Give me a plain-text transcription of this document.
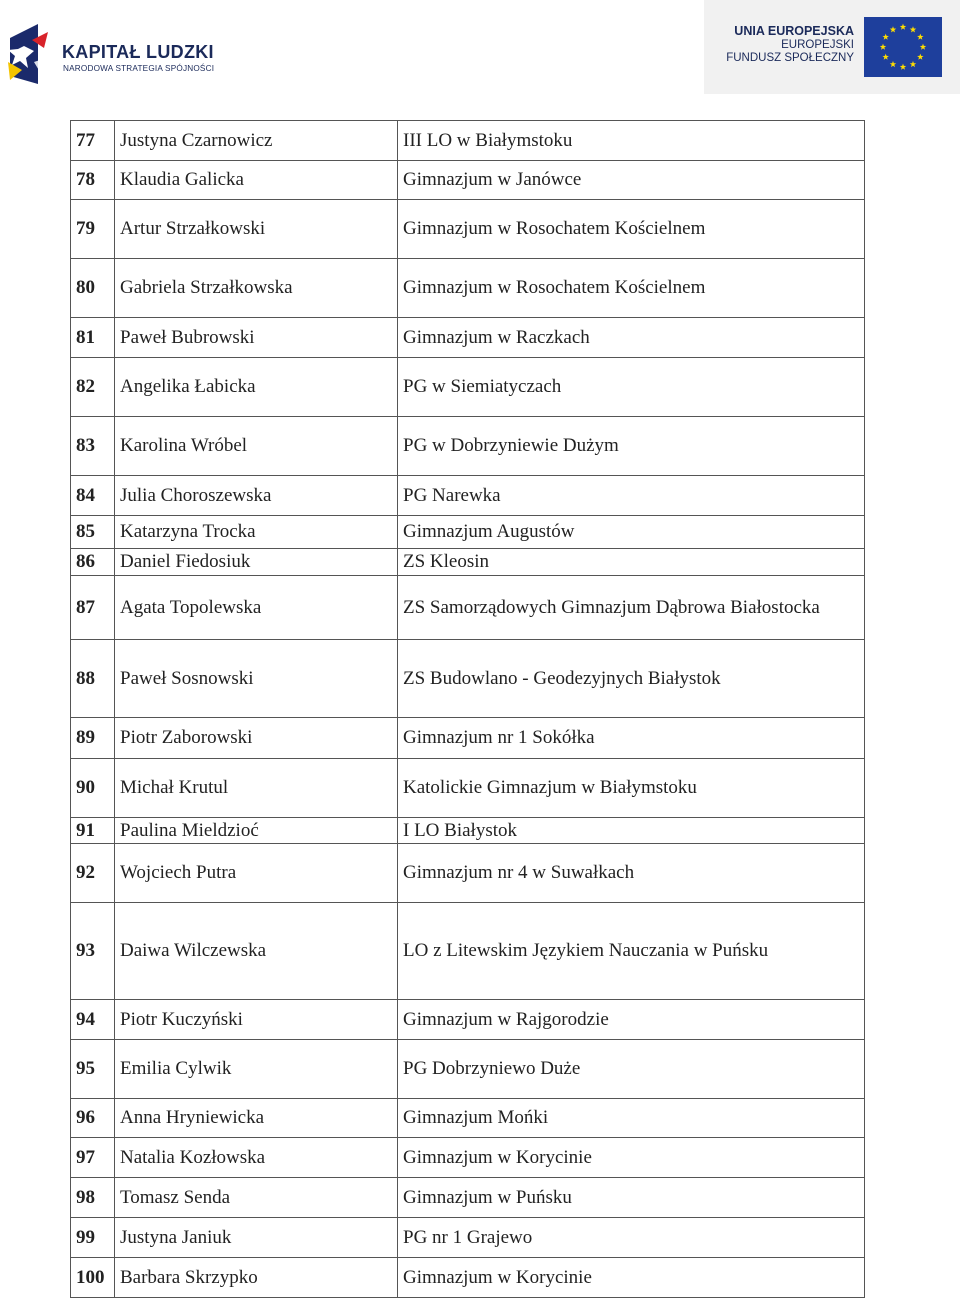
KAPITAŁ LUDZKI
NARODOWA STRATEGIA SPÓJNOŚCI
UNIA EUROPEJSKA
EUROPEJSKI
FUNDUSZ SPOŁECZNY
77	Justyna Czarnowicz	III LO w Białymstoku
78	Klaudia Galicka	Gimnazjum w Janówce
79	Artur Strzałkowski	Gimnazjum w Rosochatem Kościelnem
80	Gabriela Strzałkowska	Gimnazjum w Rosochatem Kościelnem
81	Paweł Bubrowski	Gimnazjum w Raczkach
82	Angelika Łabicka	PG w Siemiatyczach
83	Karolina Wróbel	PG w Dobrzyniewie Dużym
84	Julia Choroszewska	PG Narewka
85	Katarzyna Trocka	Gimnazjum Augustów
86	Daniel Fiedosiuk	ZS Kleosin
87	Agata Topolewska	ZS Samorządowych Gimnazjum Dąbrowa Białostocka
88	Paweł Sosnowski	ZS Budowlano - Geodezyjnych Białystok
89	Piotr Zaborowski	Gimnazjum nr 1 Sokółka
90	Michał Krutul	Katolickie Gimnazjum w Białymstoku
91	Paulina Mieldzioć	I LO Białystok
92	Wojciech Putra	Gimnazjum nr 4 w Suwałkach
93	Daiwa Wilczewska	LO z Litewskim Językiem Nauczania w Puńsku
94	Piotr Kuczyński	Gimnazjum w Rajgorodzie
95	Emilia Cylwik	PG Dobrzyniewo Duże
96	Anna Hryniewicka	Gimnazjum Mońki
97	Natalia Kozłowska	Gimnazjum w Korycinie
98	Tomasz Senda	Gimnazjum w Puńsku
99	Justyna Janiuk	PG nr 1 Grajewo
100	Barbara Skrzypko	Gimnazjum w Korycinie
